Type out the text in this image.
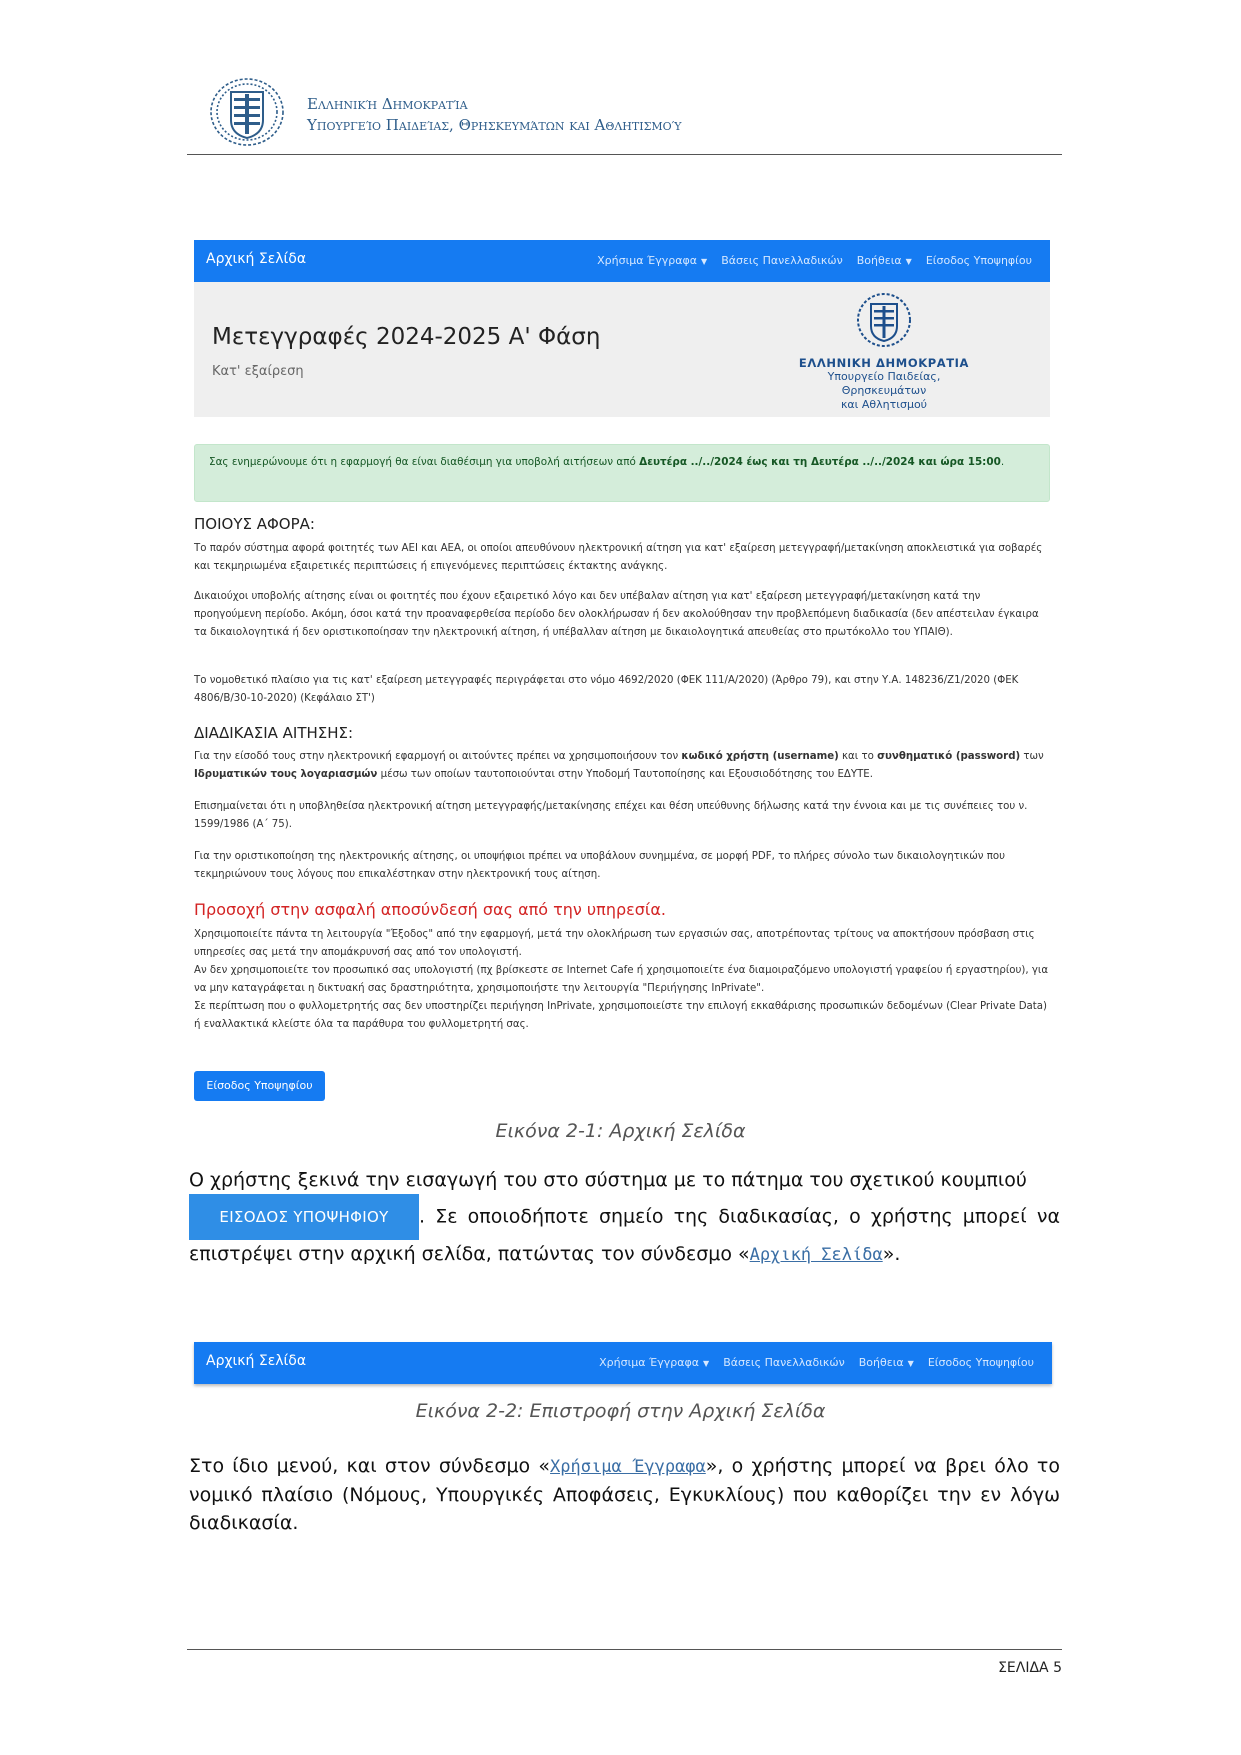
Ελληνική Δημοκρατία
Υπουργείο Παιδείας, Θρησκευμάτων και Αθλητισμού
Αρχική Σελίδα	Χρήσιμα Έγγραφα ▼ Βάσεις Πανελλαδικών Βοήθεια ▼ Είσοδος Υποψηφίου
Μετεγγραφές 2024-2025 Α' Φάση
Κατ' εξαίρεση
ΕΛΛΗΝΙΚΗ ΔΗΜΟΚΡΑΤΙΑ
Υπουργείο Παιδείας, Θρησκευμάτων
και Αθλητισμού
Σας ενημερώνουμε ότι η εφαρμογή θα είναι διαθέσιμη για υποβολή αιτήσεων από Δευτέρα ../../2024 έως και τη Δευτέρα ../../2024 και ώρα 15:00.
ΠΟΙΟΥΣ ΑΦΟΡΑ:
Το παρόν σύστημα αφορά φοιτητές των ΑΕΙ και ΑΕΑ, οι οποίοι απευθύνουν ηλεκτρονική αίτηση για κατ' εξαίρεση μετεγγραφή/μετακίνηση αποκλειστικά για σοβαρές και τεκμηριωμένα εξαιρετικές περιπτώσεις ή επιγενόμενες περιπτώσεις έκτακτης ανάγκης.
Δικαιούχοι υποβολής αίτησης είναι οι φοιτητές που έχουν εξαιρετικό λόγο και δεν υπέβαλαν αίτηση για κατ' εξαίρεση μετεγγραφή/μετακίνηση κατά την προηγούμενη περίοδο. Ακόμη, όσοι κατά την προαναφερθείσα περίοδο δεν ολοκλήρωσαν ή δεν ακολούθησαν την προβλεπόμενη διαδικασία (δεν απέστειλαν έγκαιρα τα δικαιολογητικά ή δεν οριστικοποίησαν την ηλεκτρονική αίτηση, ή υπέβαλλαν αίτηση με δικαιολογητικά απευθείας στο πρωτόκολλο του ΥΠΑΙΘ).
Το νομοθετικό πλαίσιο για τις κατ' εξαίρεση μετεγγραφές περιγράφεται στο νόμο 4692/2020 (ΦΕΚ 111/Α/2020) (Άρθρο 79), και στην Υ.Α. 148236/Ζ1/2020 (ΦΕΚ 4806/Β/30-10-2020) (Κεφάλαιο ΣΤ')
ΔΙΑΔΙΚΑΣΙΑ ΑΙΤΗΣΗΣ:
Για την είσοδό τους στην ηλεκτρονική εφαρμογή οι αιτούντες πρέπει να χρησιμοποιήσουν τον κωδικό χρήστη (username) και το συνθηματικό (password) των Ιδρυματικών τους λογαριασμών μέσω των οποίων ταυτοποιούνται στην Υποδομή Ταυτοποίησης και Εξουσιοδότησης του ΕΔΥΤΕ.
Επισημαίνεται ότι η υποβληθείσα ηλεκτρονική αίτηση μετεγγραφής/μετακίνησης επέχει και θέση υπεύθυνης δήλωσης κατά την έννοια και με τις συνέπειες του ν. 1599/1986 (Α΄ 75).
Για την οριστικοποίηση της ηλεκτρονικής αίτησης, οι υποψήφιοι πρέπει να υποβάλουν συνημμένα, σε μορφή PDF, το πλήρες σύνολο των δικαιολογητικών που τεκμηριώνουν τους λόγους που επικαλέστηκαν στην ηλεκτρονική τους αίτηση.
Προσοχή στην ασφαλή αποσύνδεσή σας από την υπηρεσία.
Χρησιμοποιείτε πάντα τη λειτουργία "Έξοδος" από την εφαρμογή, μετά την ολοκλήρωση των εργασιών σας, αποτρέποντας τρίτους να αποκτήσουν πρόσβαση στις υπηρεσίες σας μετά την απομάκρυνσή σας από τον υπολογιστή.
Αν δεν χρησιμοποιείτε τον προσωπικό σας υπολογιστή (πχ βρίσκεστε σε Internet Cafe ή χρησιμοποιείτε ένα διαμοιραζόμενο υπολογιστή γραφείου ή εργαστηρίου), για να μην καταγράφεται η δικτυακή σας δραστηριότητα, χρησιμοποιήστε την λειτουργία "Περιήγησης InPrivate".
Σε περίπτωση που ο φυλλομετρητής σας δεν υποστηρίζει περιήγηση InPrivate, χρησιμοποιείστε την επιλογή εκκαθάρισης προσωπικών δεδομένων (Clear Private Data) ή εναλλακτικά κλείστε όλα τα παράθυρα του φυλλομετρητή σας.
Είσοδος Υποψηφίου
Εικόνα 2-1: Αρχική Σελίδα
Ο χρήστης ξεκινά την εισαγωγή του στο σύστημα με το πάτημα του σχετικού κουμπιού
ΕΙΣΟΔΟΣ ΥΠΟΨΗΦΙΟΥ . Σε οποιοδήποτε σημείο της διαδικασίας, ο χρήστης μπορεί να επιστρέψει στην αρχική σελίδα, πατώντας τον σύνδεσμο «Αρχική Σελίδα».
Αρχική Σελίδα	Χρήσιμα Έγγραφα ▼ Βάσεις Πανελλαδικών Βοήθεια ▼ Είσοδος Υποψηφίου
Εικόνα 2-2: Επιστροφή στην Αρχική Σελίδα
Στο ίδιο μενού, και στον σύνδεσμο «Χρήσιμα Έγγραφα», ο χρήστης μπορεί να βρει όλο το νομικό πλαίσιο (Νόμους, Υπουργικές Αποφάσεις, Εγκυκλίους) που καθορίζει την εν λόγω διαδικασία.
ΣΕΛΙΔΑ 5
